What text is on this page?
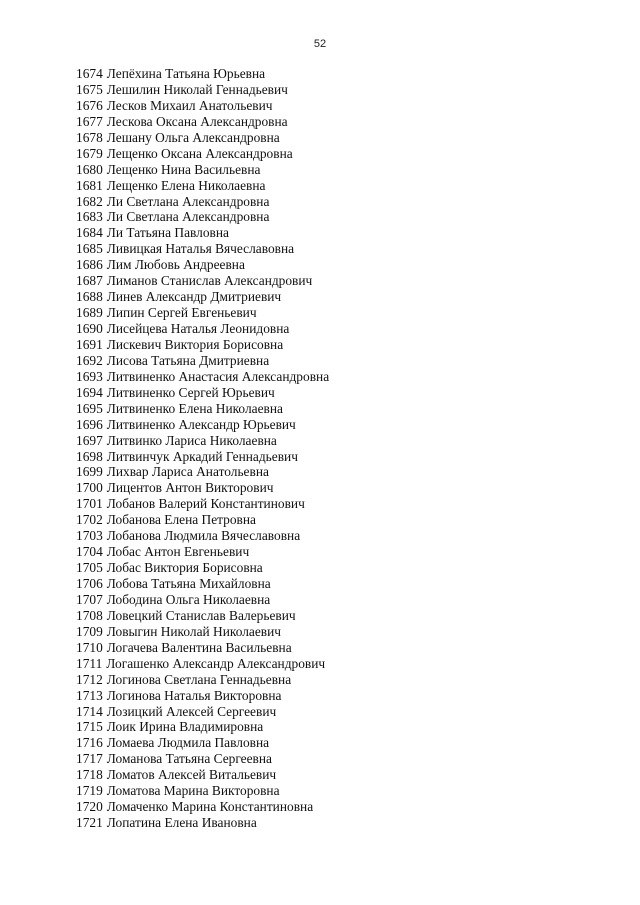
52
1674 Лепёхина Татьяна Юрьевна
1675 Лешилин Николай Геннадьевич
1676 Лесков Михаил Анатольевич
1677 Лескова Оксана Александровна
1678 Лешану Ольга Александровна
1679 Лещенко Оксана Александровна
1680 Лещенко Нина Васильевна
1681 Лещенко Елена Николаевна
1682 Ли Светлана Александровна
1683 Ли Светлана Александровна
1684 Ли Татьяна Павловна
1685 Ливицкая Наталья Вячеславовна
1686 Лим Любовь Андреевна
1687 Лиманов Станислав Александрович
1688 Линев Александр Дмитриевич
1689 Липин Сергей Евгеньевич
1690 Лисейцева Наталья Леонидовна
1691 Лискевич Виктория Борисовна
1692 Лисова Татьяна Дмитриевна
1693 Литвиненко Анастасия Александровна
1694 Литвиненко Сергей Юрьевич
1695 Литвиненко Елена Николаевна
1696 Литвиненко Александр Юрьевич
1697 Литвинко Лариса Николаевна
1698 Литвинчук Аркадий Геннадьевич
1699 Лихвар Лариса Анатольевна
1700 Лицентов Антон Викторович
1701 Лобанов Валерий Константинович
1702 Лобанова Елена Петровна
1703 Лобанова Людмила Вячеславовна
1704 Лобас Антон Евгеньевич
1705 Лобас Виктория Борисовна
1706 Лобова Татьяна Михайловна
1707 Лободина Ольга Николаевна
1708 Ловецкий Станислав Валерьевич
1709 Ловыгин Николай Николаевич
1710 Логачева Валентина Васильевна
1711 Логашенко Александр Александрович
1712 Логинова Светлана Геннадьевна
1713 Логинова Наталья Викторовна
1714 Лозицкий Алексей Сергеевич
1715 Лоик Ирина Владимировна
1716 Ломаева Людмила Павловна
1717 Ломанова Татьяна Сергеевна
1718 Ломатов Алексей Витальевич
1719 Ломатова Марина Викторовна
1720 Ломаченко Марина Константиновна
1721 Лопатина Елена Ивановна
